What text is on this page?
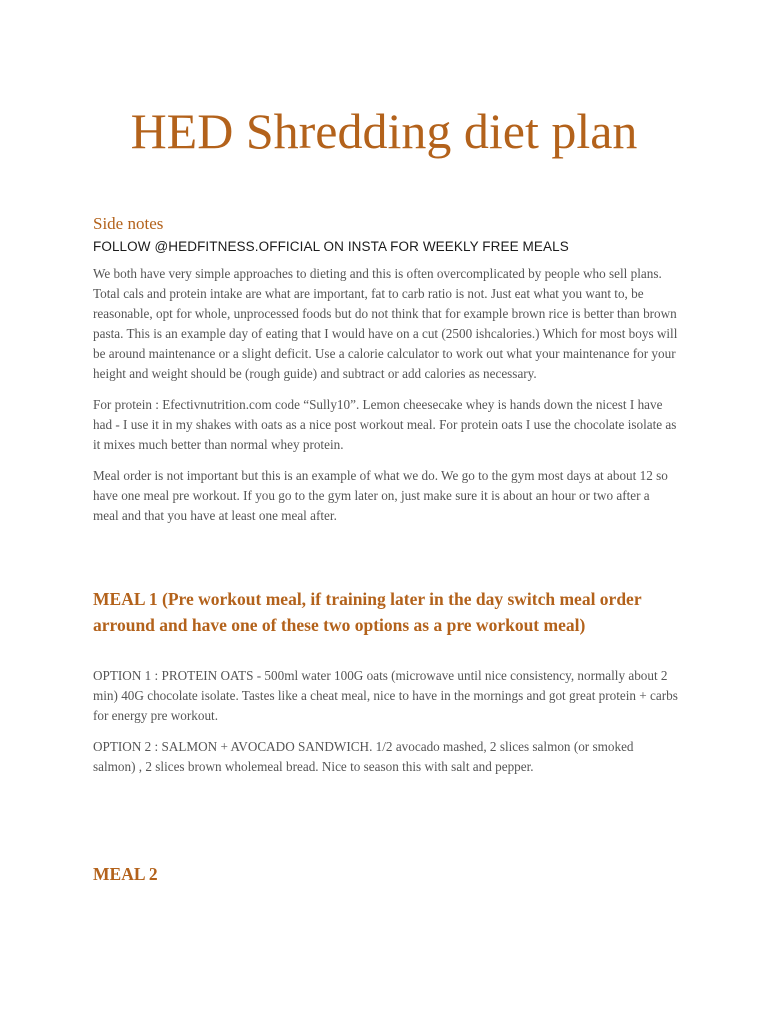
HED Shredding diet plan
Side notes

FOLLOW @HEDFITNESS.OFFICIAL ON INSTA FOR WEEKLY FREE MEALS

We both have very simple approaches to dieting and this is often overcomplicated by people who sell plans. Total cals and protein intake are what are important, fat to carb ratio is not. Just eat what you want to, be reasonable, opt for whole, unprocessed foods but do not think that for example brown rice is better than brown pasta. This is an example day of eating that I would have on a cut (2500 ishcalories.) Which for most boys will be around maintenance or a slight deficit. Use a calorie calculator to work out what your maintenance for your height and weight should be (rough guide) and subtract or add calories as necessary.

For protein : Efectivnutrition.com code “Sully10”. Lemon cheesecake whey is hands down the nicest I have had - I use it in my shakes with oats as a nice post workout meal. For protein oats I use the chocolate isolate as it mixes much better than normal whey protein.

Meal order is not important but this is an example of what we do. We go to the gym most days at about 12 so have one meal pre workout. If you go to the gym later on, just make sure it is about an hour or two after a meal and that you have at least one meal after.

MEAL 1 (Pre workout meal, if training later in the day switch meal order arround and have one of these two options as a pre workout meal)

OPTION 1 : PROTEIN OATS - 500ml water 100G oats (microwave until nice consistency, normally about 2 min) 40G chocolate isolate. Tastes like a cheat meal, nice to have in the mornings and got great protein + carbs for energy pre workout.

OPTION 2 : SALMON + AVOCADO SANDWICH. 1/2 avocado mashed, 2 slices salmon (or smoked salmon) , 2 slices brown wholemeal bread. Nice to season this with salt and pepper.

MEAL 2
